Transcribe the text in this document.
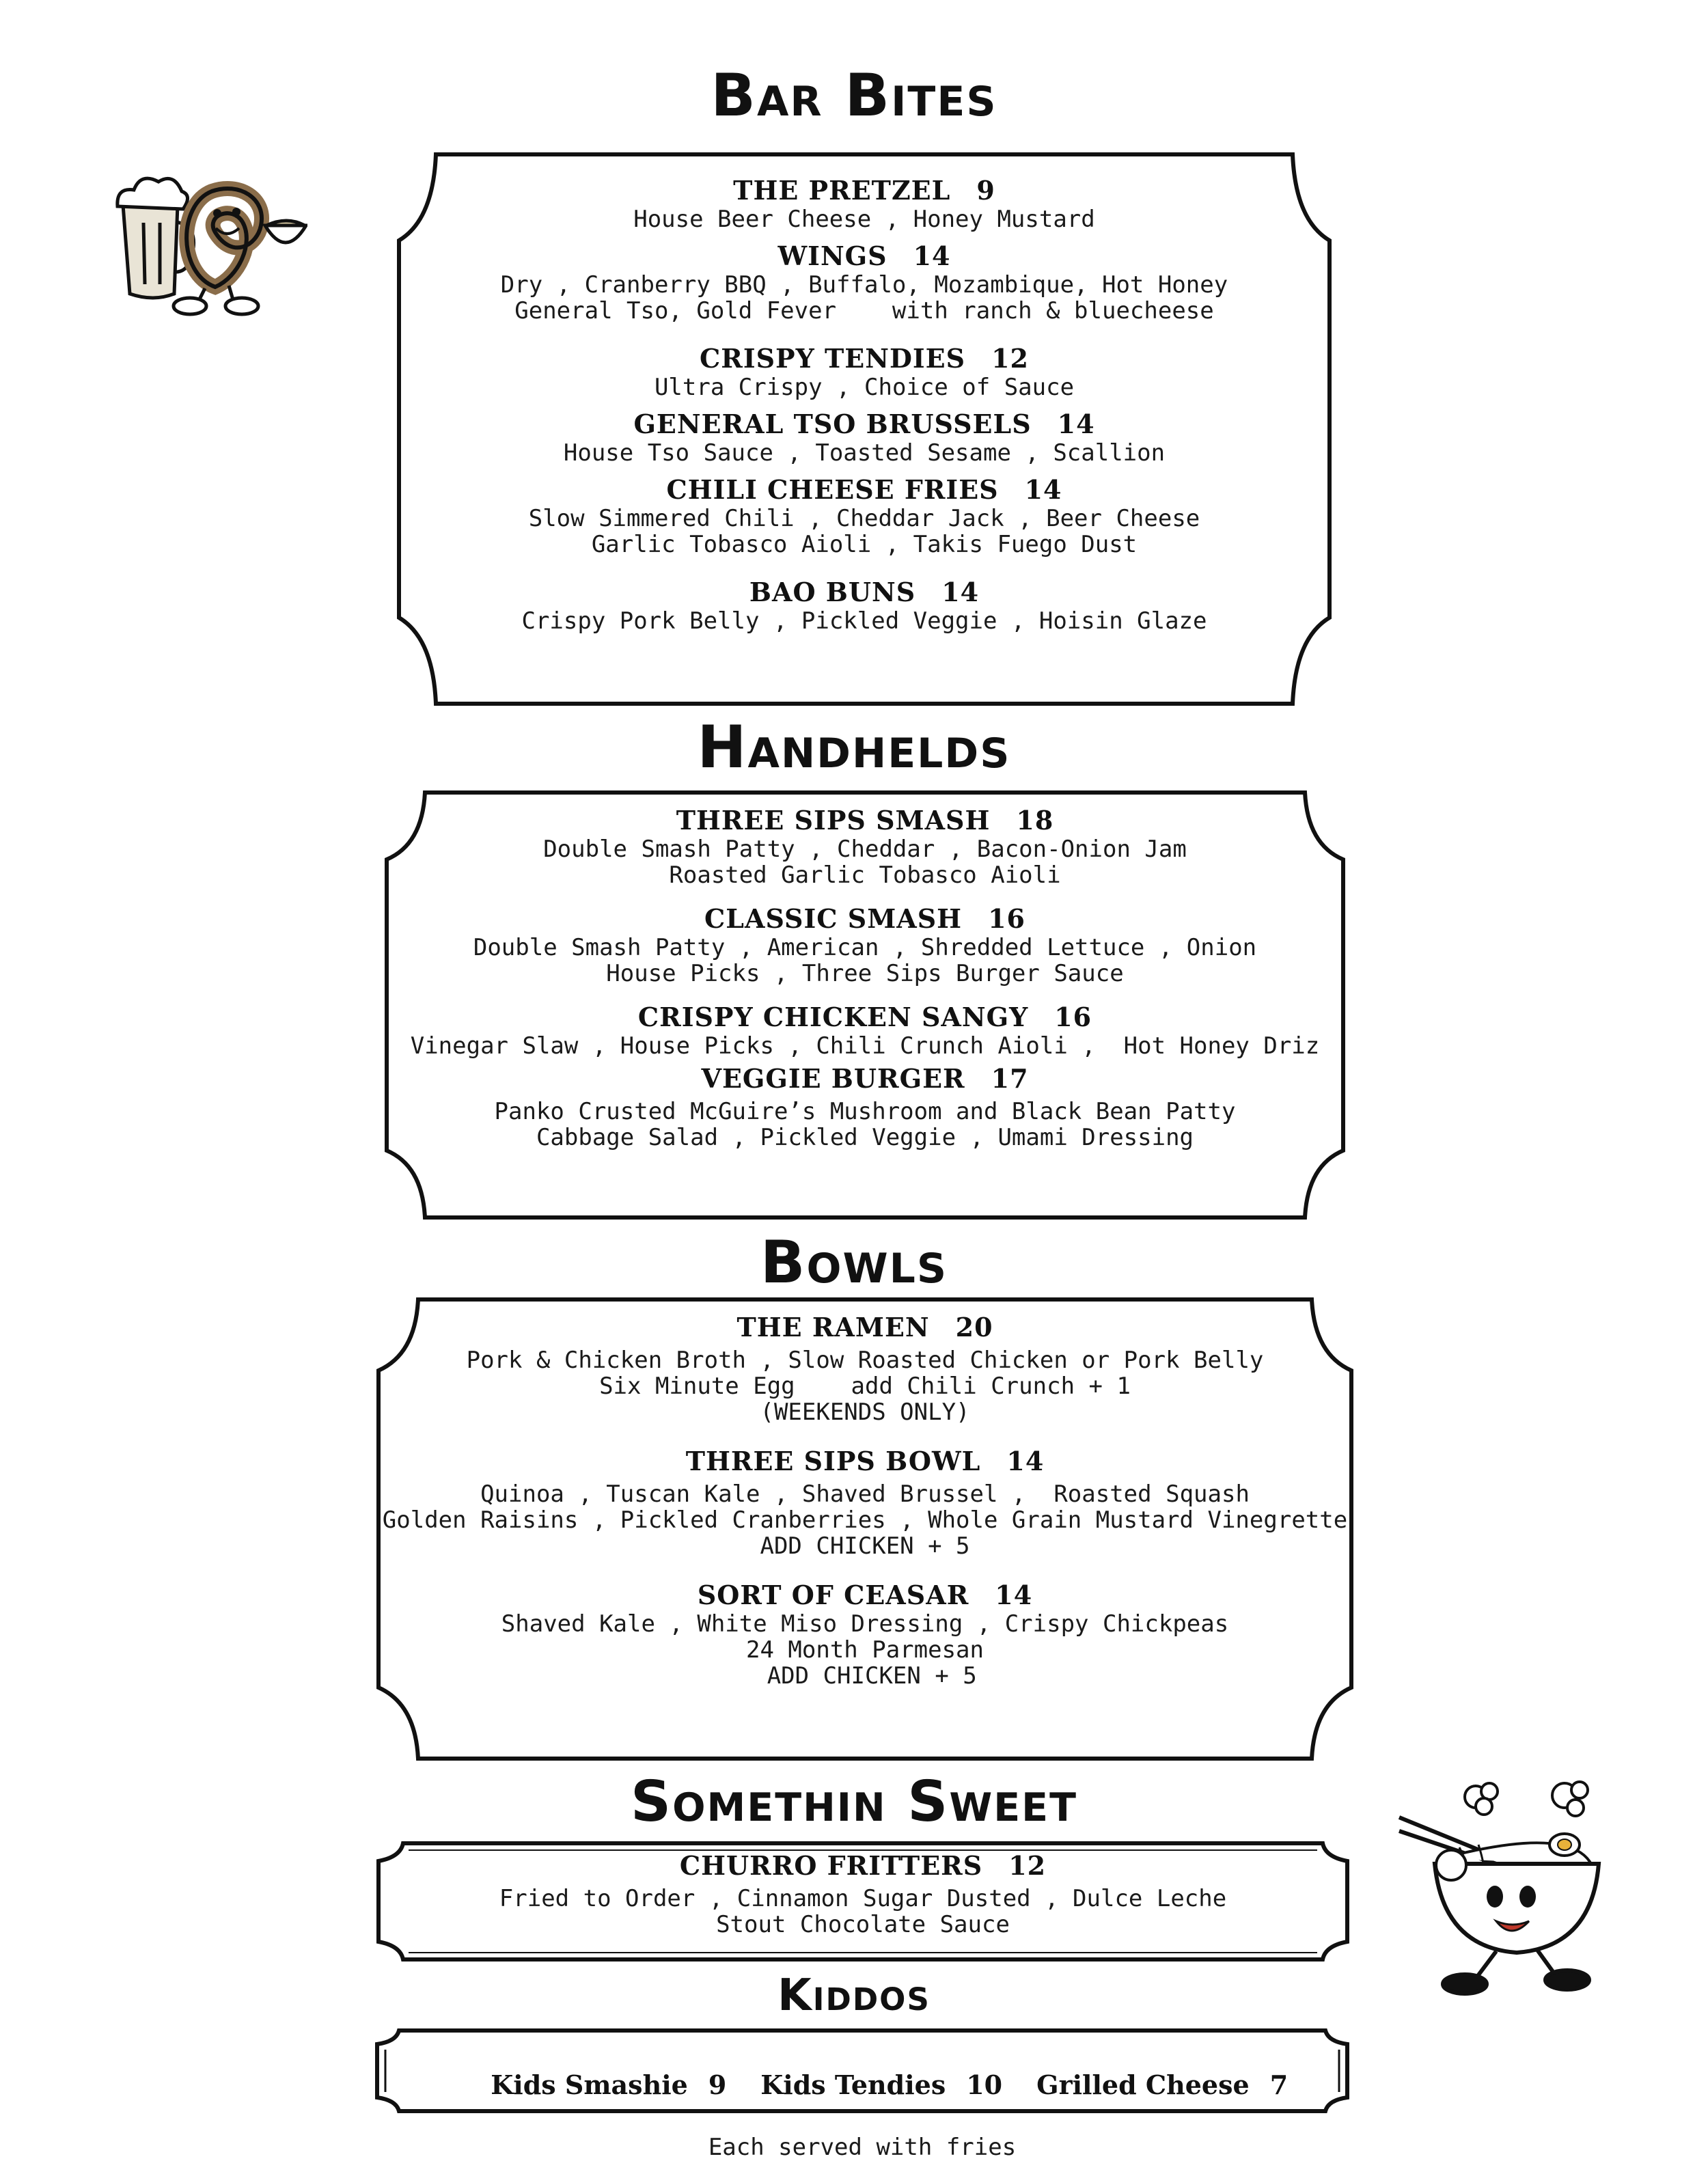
Bar Bites
THE PRETZEL 9
House Beer Cheese , Honey Mustard
WINGS 14
Dry , Cranberry BBQ , Buffalo, Mozambique, Hot Honey
General Tso, Gold Fever    with ranch & bluecheese
CRISPY TENDIES 12
Ultra Crispy , Choice of Sauce
GENERAL TSO BRUSSELS 14
House Tso Sauce , Toasted Sesame , Scallion
CHILI CHEESE FRIES 14
Slow Simmered Chili , Cheddar Jack , Beer Cheese
Garlic Tobasco Aioli , Takis Fuego Dust
BAO BUNS 14
Crispy Pork Belly , Pickled Veggie , Hoisin Glaze
Handhelds
THREE SIPS SMASH 18
Double Smash Patty , Cheddar , Bacon-Onion Jam
Roasted Garlic Tobasco Aioli
CLASSIC SMASH 16
Double Smash Patty , American , Shredded Lettuce , Onion
House Picks , Three Sips Burger Sauce
CRISPY CHICKEN SANGY 16
Vinegar Slaw , House Picks , Chili Crunch Aioli ,  Hot Honey Driz
VEGGIE BURGER 17
Panko Crusted McGuire’s Mushroom and Black Bean Patty
Cabbage Salad , Pickled Veggie , Umami Dressing
Bowls
THE RAMEN 20
Pork & Chicken Broth , Slow Roasted Chicken or Pork Belly
Six Minute Egg    add Chili Crunch + 1
(WEEKENDS ONLY)
THREE SIPS BOWL 14
Quinoa , Tuscan Kale , Shaved Brussel ,  Roasted Squash
Golden Raisins , Pickled Cranberries , Whole Grain Mustard Vinegrette
ADD CHICKEN + 5
SORT OF CEASAR 14
Shaved Kale , White Miso Dressing , Crispy Chickpeas
24 Month Parmesan
ADD CHICKEN + 5
Somethin Sweet
CHURRO FRITTERS 12
Fried to Order , Cinnamon Sugar Dusted , Dulce Leche
Stout Chocolate Sauce
Kiddos

Kids Smashie 9 Kids Tendies 10 Grilled Cheese 7

Each served with fries
